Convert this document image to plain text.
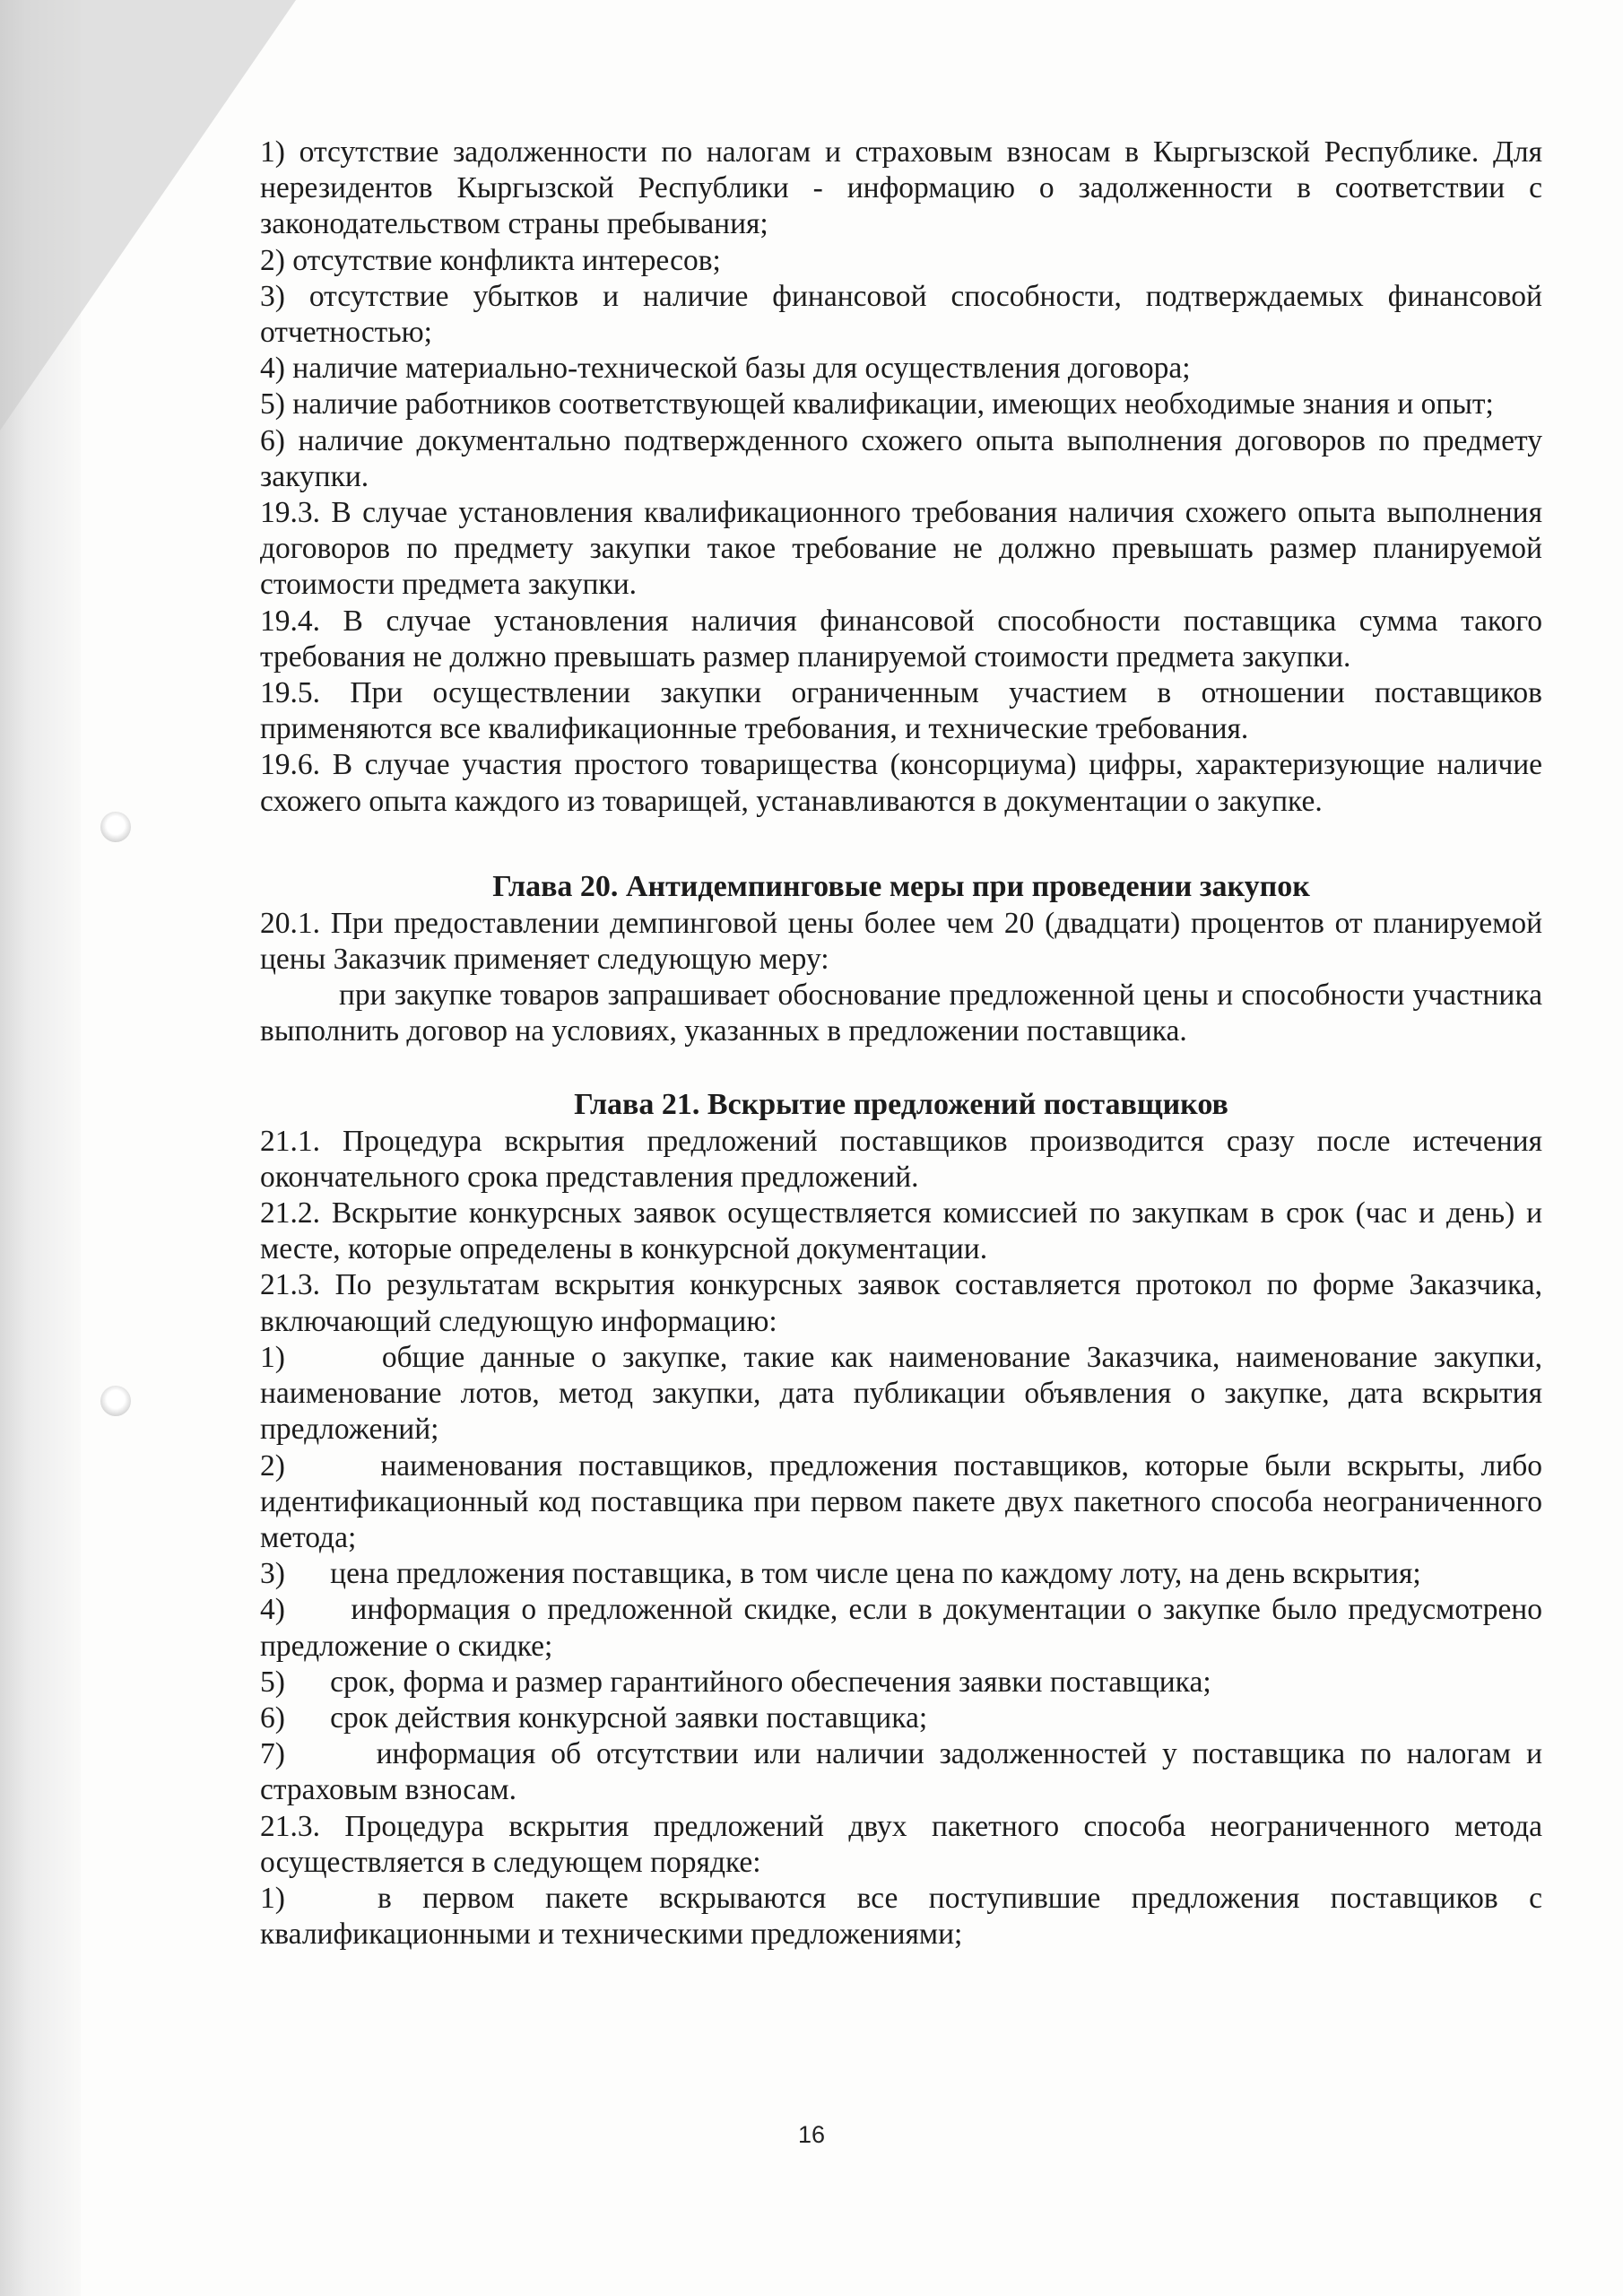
1) отсутствие задолженности по налогам и страховым взносам в Кыргызской Республике. Для нерезидентов Кыргызской Республики - информацию о задолженности в соответствии с законодательством страны пребывания;

2) отсутствие конфликта интересов;

3) отсутствие убытков и наличие финансовой способности, подтверждаемых финансовой отчетностью;

4) наличие материально-технической базы для осуществления договора;

5) наличие работников соответствующей квалификации, имеющих необходимые знания и опыт;

6) наличие документально подтвержденного схожего опыта выполнения договоров по предмету закупки.

19.3. В случае установления квалификационного требования наличия схожего опыта выполнения договоров по предмету закупки такое требование не должно превышать размер планируемой стоимости предмета закупки.

19.4. В случае установления наличия финансовой способности поставщика сумма такого требования не должно превышать размер планируемой стоимости предмета закупки.

19.5. При осуществлении закупки ограниченным участием в отношении поставщиков применяются все квалификационные требования, и технические требования.

19.6. В случае участия простого товарищества (консорциума) цифры, характеризующие наличие схожего опыта каждого из товарищей, устанавливаются в документации о закупке.

Глава 20. Антидемпинговые меры при проведении закупок

20.1. При предоставлении демпинговой цены более чем 20 (двадцати) процентов от планируемой цены Заказчик применяет следующую меру:

при закупке товаров запрашивает обоснование предложенной цены и способности участника выполнить договор на условиях, указанных в предложении поставщика.

Глава 21. Вскрытие предложений поставщиков

21.1. Процедура вскрытия предложений поставщиков производится сразу после истечения окончательного срока представления предложений.

21.2. Вскрытие конкурсных заявок осуществляется комиссией по закупкам в срок (час и день) и месте, которые определены в конкурсной документации.

21.3. По результатам вскрытия конкурсных заявок составляется протокол по форме Заказчика, включающий следующую информацию:

1)      общие данные о закупке, такие как наименование Заказчика, наименование закупки, наименование лотов, метод закупки, дата публикации объявления о закупке, дата вскрытия предложений;

2)      наименования поставщиков, предложения поставщиков, которые были вскрыты, либо идентификационный код поставщика при первом пакете двух пакетного способа неограниченного метода;

3)      цена предложения поставщика, в том числе цена по каждому лоту, на день вскрытия;

4)      информация о предложенной скидке, если в документации о закупке было предусмотрено предложение о скидке;

5)      срок, форма и размер гарантийного обеспечения заявки поставщика;

6)      срок действия конкурсной заявки поставщика;

7)      информация об отсутствии или наличии задолженностей у поставщика по налогам и страховым взносам.

21.3. Процедура вскрытия предложений двух пакетного способа неограниченного метода осуществляется в следующем порядке:

1)   в первом пакете вскрываются все поступившие предложения поставщиков с квалификационными и техническими предложениями;

16
